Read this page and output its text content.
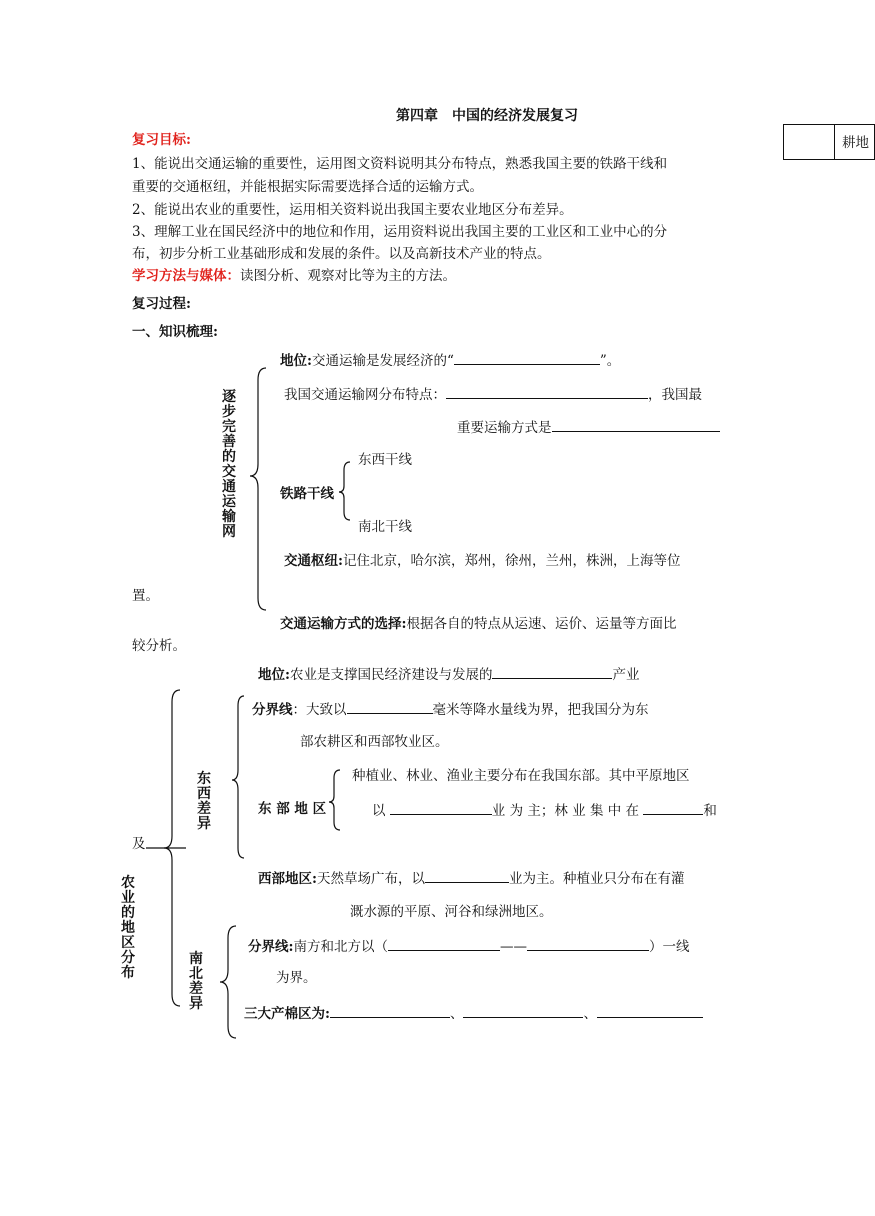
第四章　中国的经济发展复习
耕地
复习目标:
1、能说出交通运输的重要性，运用图文资料说明其分布特点，熟悉我国主要的铁路干线和
重要的交通枢纽，并能根据实际需要选择合适的运输方式。
2、能说出农业的重要性，运用相关资料说出我国主要农业地区分布差异。
3、理解工业在国民经济中的地位和作用，运用资料说出我国主要的工业区和工业中心的分
布，初步分析工业基础形成和发展的条件。以及高新技术产业的特点。
学习方法与媒体：读图分析、观察对比等为主的方法。
复习过程:
一、知识梳理:
逐步完善的交通运输网
地位:交通运输是发展经济的“	”。
我国交通运输网分布特点：	，我国最
重要运输方式是
东西干线
铁路干线
南北干线
交通枢纽:记住北京，哈尔滨，郑州，徐州，兰州，株洲，上海等位
置。
交通运输方式的选择:根据各自的特点从运速、运价、运量等方面比
较分析。
地位:农业是支撑国民经济建设与发展的	产业
农业的地区分布
东西差异
分界线：大致以	毫米等降水量线为界，把我国分为东
部农耕区和西部牧业区。
种植业、林业、渔业主要分布在我国东部。其中平原地区
东 部 地 区	以	业 为 主；林 业 集 中 在	和
及
西部地区:天然草场广布，以	业为主。种植业只分布在有灌
溉水源的平原、河谷和绿洲地区。
南北差异
分界线:南方和北方以（	——	）一线
为界。
三大产棉区为:	、	、
